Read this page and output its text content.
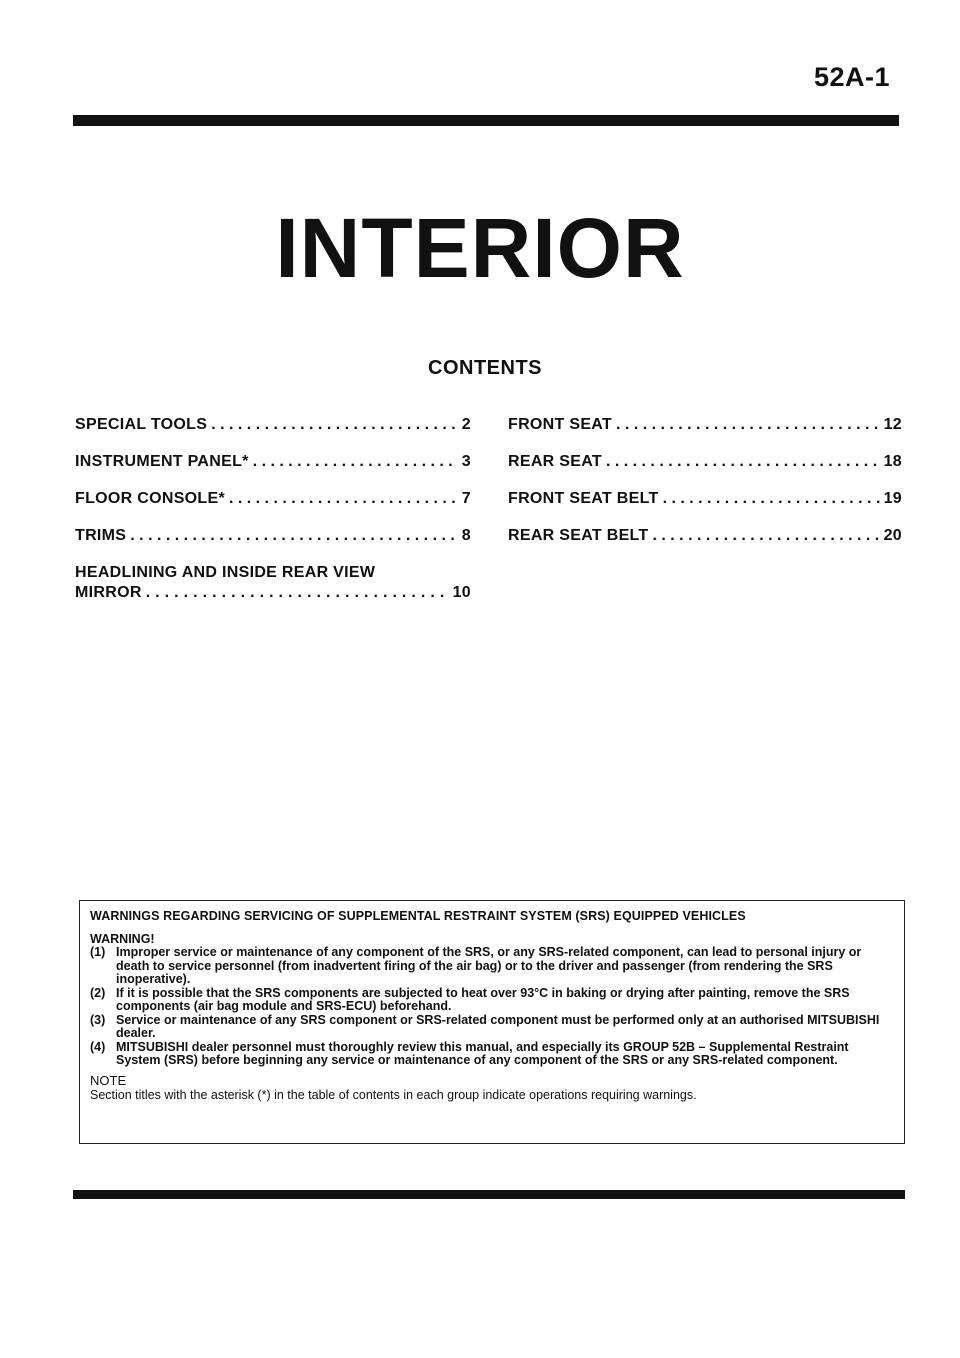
52A-1
INTERIOR
CONTENTS
SPECIAL TOOLS . . .	2
INSTRUMENT PANEL* . . .	3
FLOOR CONSOLE* . . .	7
TRIMS . . .	8
HEADLINING AND INSIDE REAR VIEW
MIRROR . . .	10
FRONT SEAT . . .	12
REAR SEAT . . .	18
FRONT SEAT BELT . . .	19
REAR SEAT BELT . . .	20
WARNINGS REGARDING SERVICING OF SUPPLEMENTAL RESTRAINT SYSTEM (SRS) EQUIPPED VEHICLES
WARNING!
(1) Improper service or maintenance of any component of the SRS, or any SRS-related component, can lead to personal injury or death to service personnel (from inadvertent firing of the air bag) or to the driver and passenger (from rendering the SRS inoperative).
(2) If it is possible that the SRS components are subjected to heat over 93°C in baking or drying after painting, remove the SRS components (air bag module and SRS-ECU) beforehand.
(3) Service or maintenance of any SRS component or SRS-related component must be performed only at an authorised MITSUBISHI dealer.
(4) MITSUBISHI dealer personnel must thoroughly review this manual, and especially its GROUP 52B – Supplemental Restraint System (SRS) before beginning any service or maintenance of any component of the SRS or any SRS-related component.
NOTE
Section titles with the asterisk (*) in the table of contents in each group indicate operations requiring warnings.
